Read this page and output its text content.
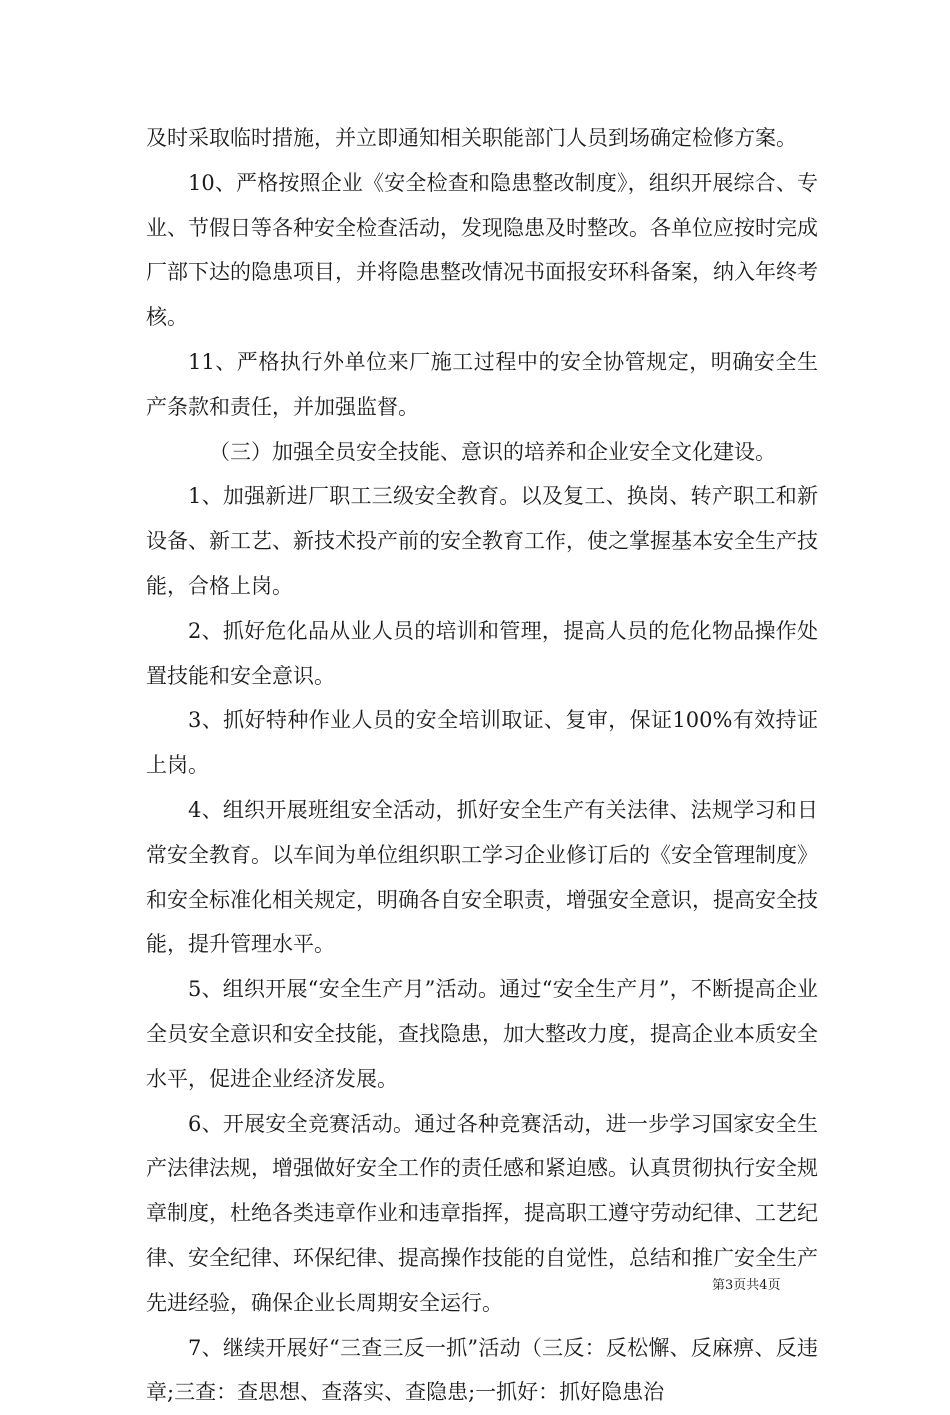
及时采取临时措施，并立即通知相关职能部门人员到场确定检修方案。

10、严格按照企业《安全检查和隐患整改制度》，组织开展综合、专业、节假日等各种安全检查活动，发现隐患及时整改。各单位应按时完成厂部下达的隐患项目，并将隐患整改情况书面报安环科备案，纳入年终考核。

11、严格执行外单位来厂施工过程中的安全协管规定，明确安全生产条款和责任，并加强监督。

（三）加强全员安全技能、意识的培养和企业安全文化建设。

1、加强新进厂职工三级安全教育。以及复工、换岗、转产职工和新设备、新工艺、新技术投产前的安全教育工作，使之掌握基本安全生产技能，合格上岗。

2、抓好危化品从业人员的培训和管理，提高人员的危化物品操作处置技能和安全意识。

3、抓好特种作业人员的安全培训取证、复审，保证100%有效持证上岗。

4、组织开展班组安全活动，抓好安全生产有关法律、法规学习和日常安全教育。以车间为单位组织职工学习企业修订后的《安全管理制度》和安全标准化相关规定，明确各自安全职责，增强安全意识，提高安全技能，提升管理水平。

5、组织开展“安全生产月”活动。通过“安全生产月”，不断提高企业全员安全意识和安全技能，查找隐患，加大整改力度，提高企业本质安全水平，促进企业经济发展。

6、开展安全竞赛活动。通过各种竞赛活动，进一步学习国家安全生产法律法规，增强做好安全工作的责任感和紧迫感。认真贯彻执行安全规章制度，杜绝各类违章作业和违章指挥，提高职工遵守劳动纪律、工艺纪律、安全纪律、环保纪律、提高操作技能的自觉性，总结和推广安全生产先进经验，确保企业长周期安全运行。

7、继续开展好“三查三反一抓”活动（三反：反松懈、反麻痹、反违章;三查：查思想、查落实、查隐患;一抓好：抓好隐患治

第3页共4页
